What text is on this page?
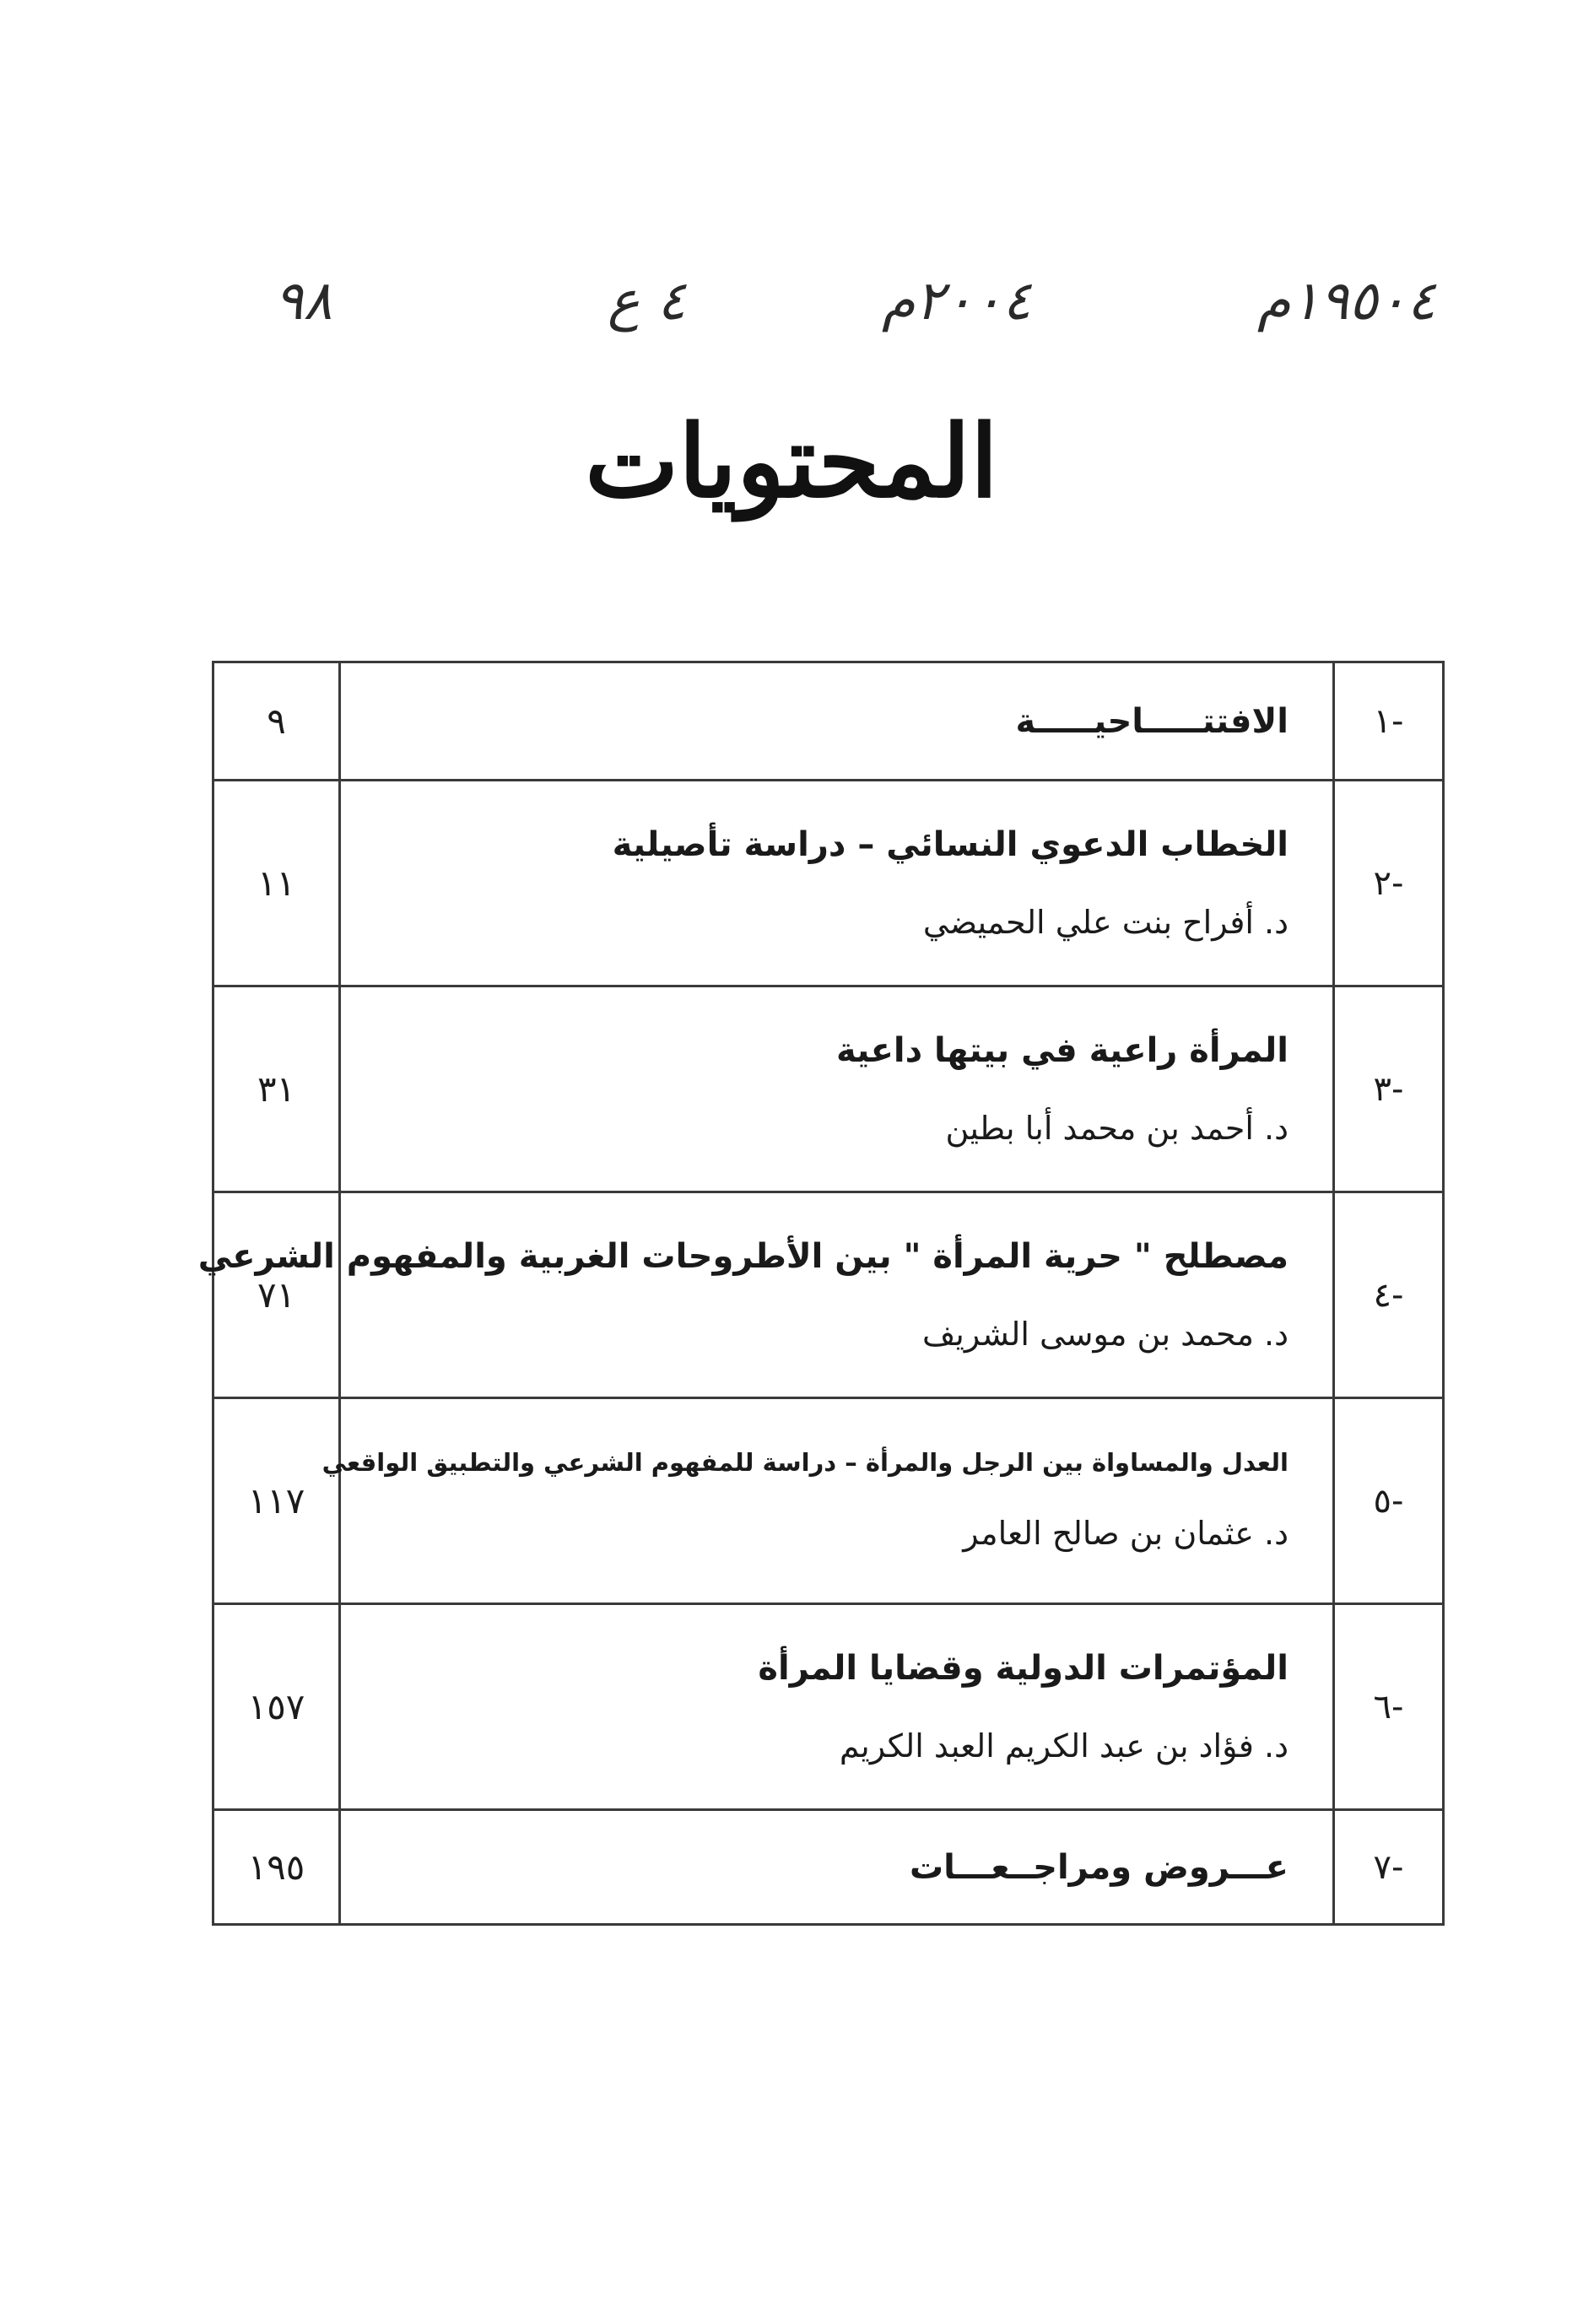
٩٨	٤ ع	٢٠٠٤م	١٩٥٠٤م
المحتويات
١-	الافتتـــــاحيـــــة	٩
٢-	الخطاب الدعوي النسائي – دراسة تأصيلية
د. أفراح بنت علي الحميضي	١١
٣-	المرأة راعية في بيتها داعية
د. أحمد بن محمد أبا بطين	٣١
٤-	مصطلح " حرية المرأة " بين الأطروحات الغربية والمفهوم الشرعي
د. محمد بن موسى الشريف	٧١
٥-	العدل والمساواة بين الرجل والمرأة – دراسة للمفهوم الشرعي والتطبيق الواقعي
د. عثمان بن صالح العامر	١١٧
٦-	المؤتمرات الدولية وقضايا المرأة
د. فؤاد بن عبد الكريم العبد الكريم	١٥٧
٧-	عـــروض ومراجــعـــات	١٩٥
